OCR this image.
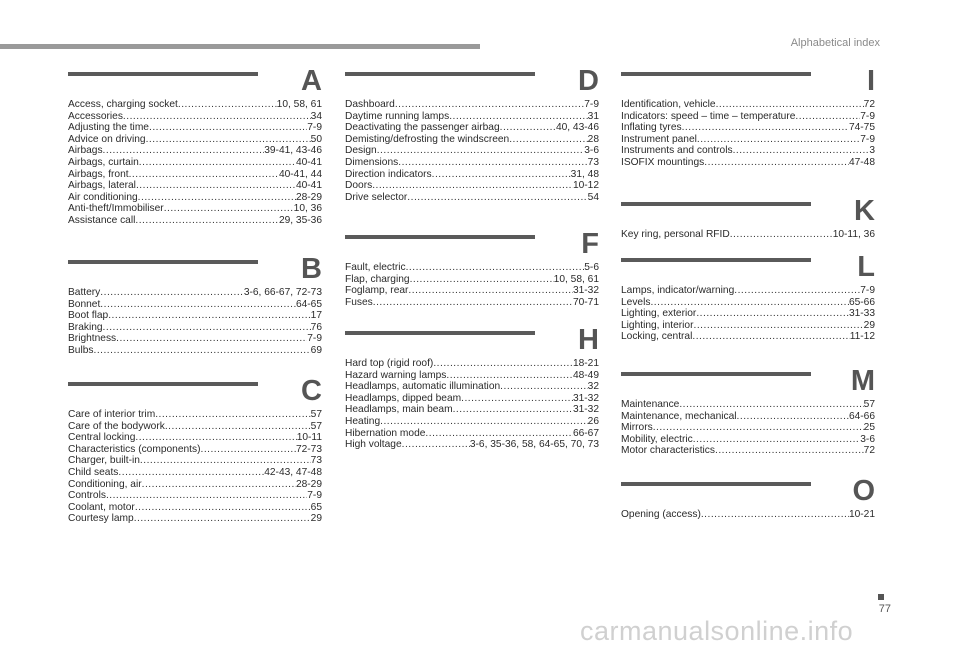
Alphabetical index
A
Access, charging socket .....	10, 58, 61
Accessories .....	34
Adjusting the time .....	7-9
Advice on driving .....	50
Airbags .....	39-41, 43-46
Airbags, curtain .....	40-41
Airbags, front .....	40-41, 44
Airbags, lateral .....	40-41
Air conditioning .....	28-29
Anti-theft/Immobiliser .....	10, 36
Assistance call .....	29, 35-36
B
Battery .....	3-6, 66-67, 72-73
Bonnet .....	64-65
Boot flap .....	17
Braking .....	76
Brightness .....	7-9
Bulbs .....	69
C
Care of interior trim .....	57
Care of the bodywork .....	57
Central locking .....	10-11
Characteristics (components) .....	72-73
Charger, built-in .....	73
Child seats .....	42-43, 47-48
Conditioning, air .....	28-29
Controls .....	7-9
Coolant, motor .....	65
Courtesy lamp .....	29
D
Dashboard .....	7-9
Daytime running lamps .....	31
Deactivating the passenger airbag .....	40, 43-46
Demisting/defrosting the windscreen .....	28
Design .....	3-6
Dimensions .....	73
Direction indicators .....	31, 48
Doors .....	10-12
Drive selector .....	54
F
Fault, electric .....	5-6
Flap, charging .....	10, 58, 61
Foglamp, rear .....	31-32
Fuses .....	70-71
H
Hard top (rigid roof) .....	18-21
Hazard warning lamps .....	48-49
Headlamps, automatic illumination .....	32
Headlamps, dipped beam .....	31-32
Headlamps, main beam .....	31-32
Heating .....	26
Hibernation mode .....	66-67
High voltage .....	3-6, 35-36, 58, 64-65, 70, 73
I
Identification, vehicle .....	72
Indicators: speed – time – temperature .....	7-9
Inflating tyres .....	74-75
Instrument panel .....	7-9
Instruments and controls .....	3
ISOFIX mountings .....	47-48
K
Key ring, personal RFID .....	10-11, 36
L
Lamps, indicator/warning .....	7-9
Levels .....	65-66
Lighting, exterior .....	31-33
Lighting, interior .....	29
Locking, central .....	11-12
M
Maintenance .....	57
Maintenance, mechanical .....	64-66
Mirrors .....	25
Mobility, electric .....	3-6
Motor characteristics .....	72
O
Opening (access) .....	10-21
77
carmanualsonline.info
